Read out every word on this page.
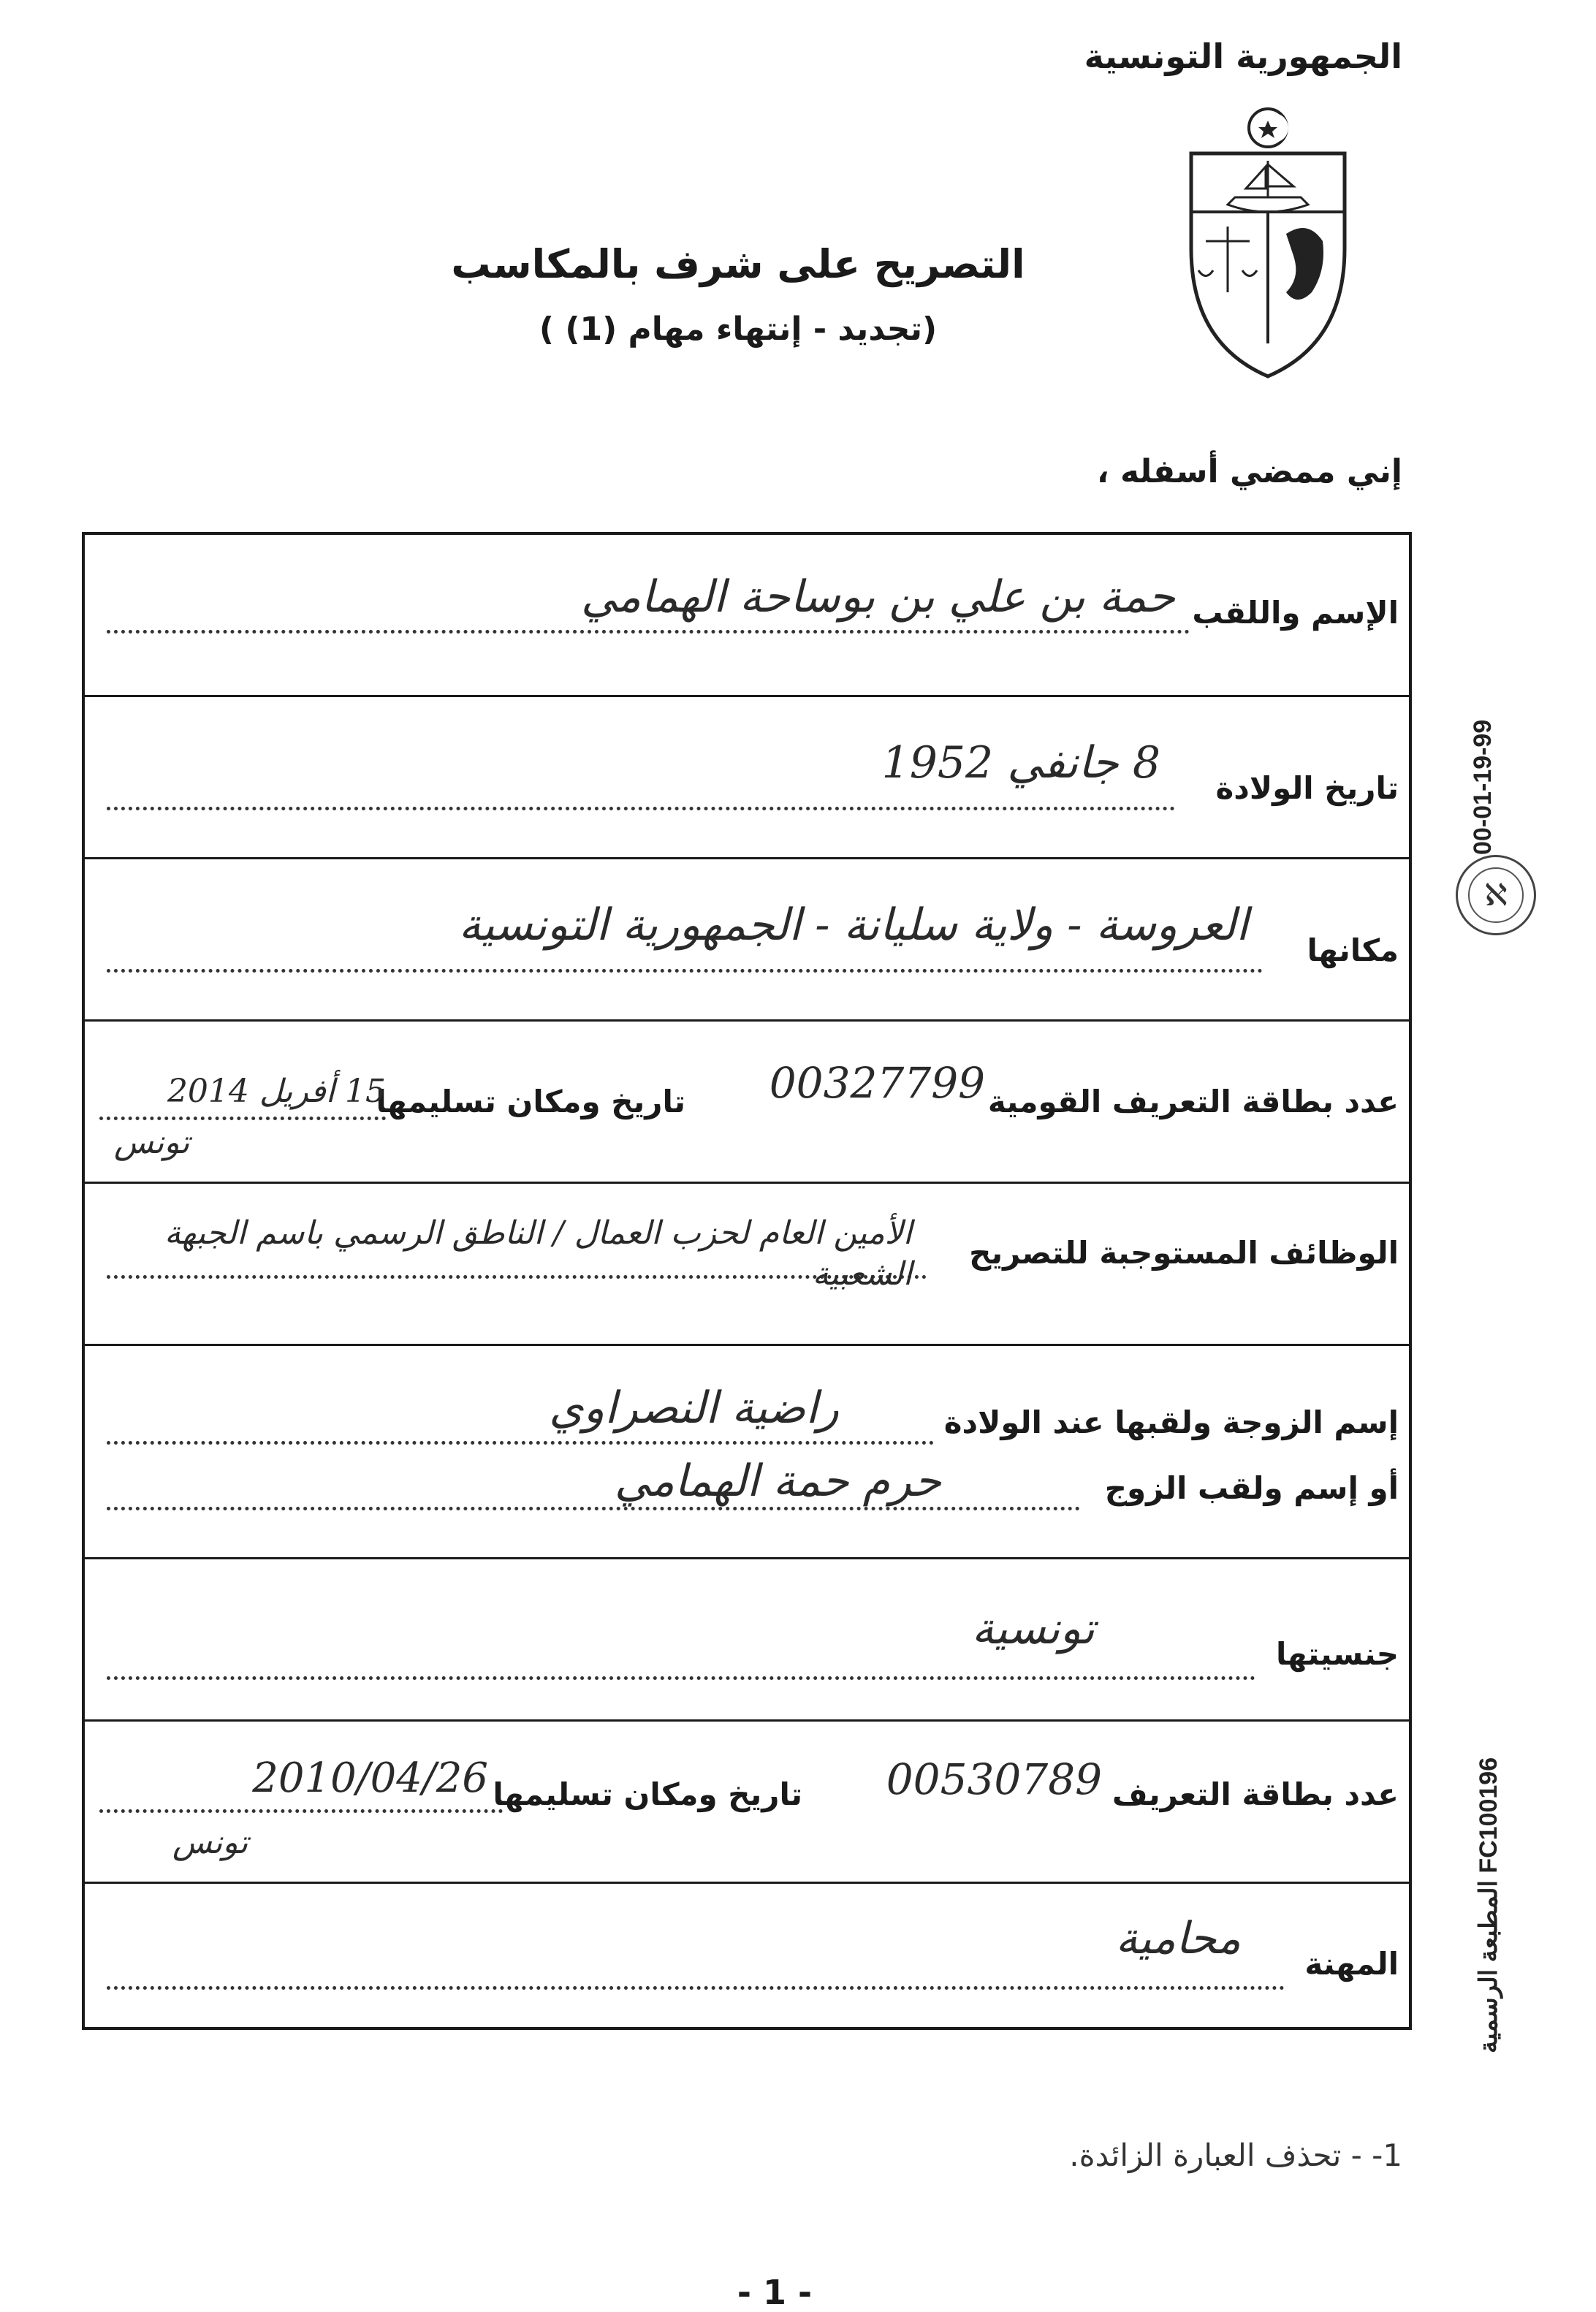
الجمهورية التونسية
التصريح على شرف بالمكاسب
(تجديد - إنتهاء مهام (1) )
إني ممضي أسفله ،
الإسم واللقب
حمة بن علي بن بوساحة الهمامي
تاريخ الولادة
8 جانفي 1952
مكانها
العروسة - ولاية سليانة - الجمهورية التونسية
عدد بطاقة التعريف القومية
00327799
تاريخ ومكان تسليمها
15 أفريل 2014
تونس
الوظائف المستوجبة للتصريح
الأمين العام لحزب العمال / الناطق الرسمي باسم الجبهة الشعبية
إسم الزوجة ولقبها عند الولادة
راضية النصراوي
أو إسم ولقب الزوج
حرم حمة الهمامي
جنسيتها
تونسية
عدد بطاقة التعريف
00530789
تاريخ ومكان تسليمها
2010/04/26
تونس
المهنة
محامية
00-01-19-99
ℵ
المطبعة الرسمية FC100196
1- - تحذف العبارة الزائدة.
- 1 -
